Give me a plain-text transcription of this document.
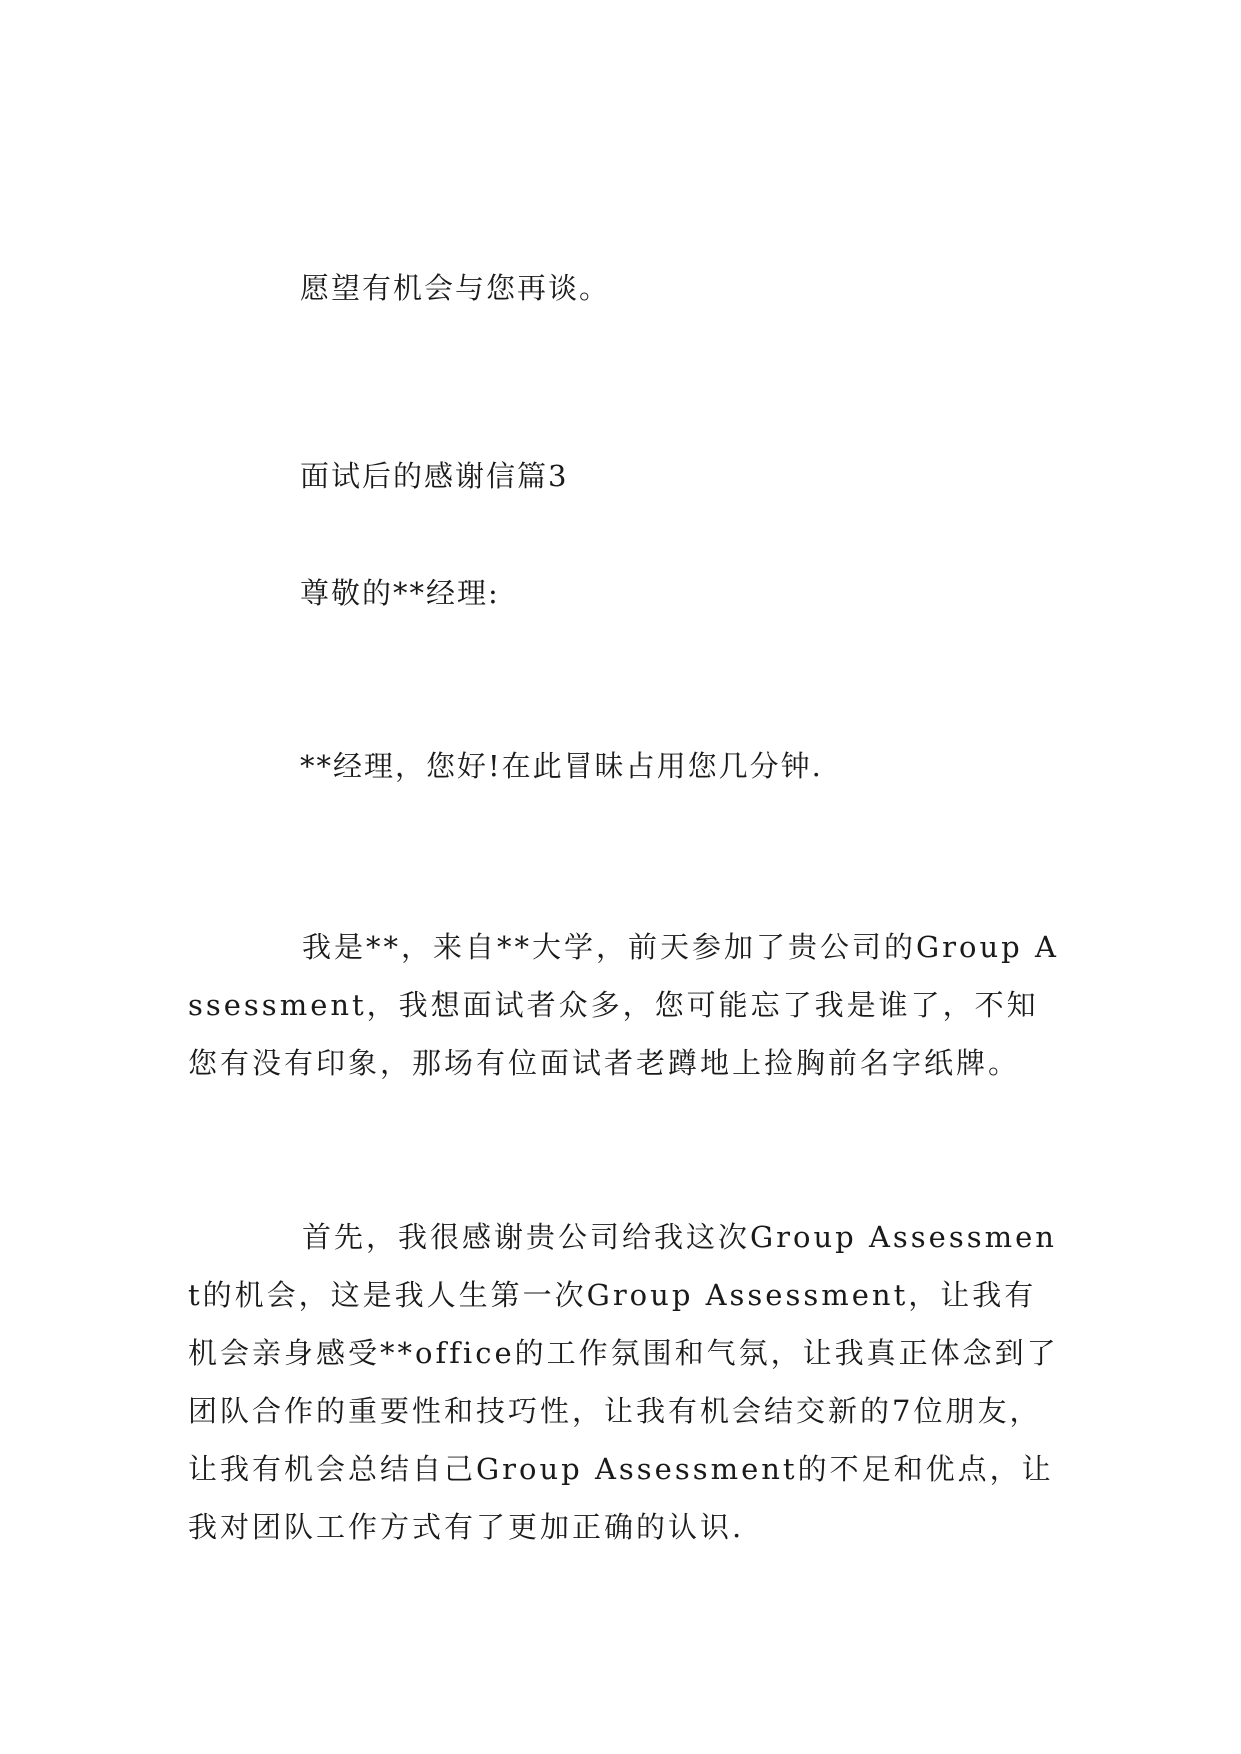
愿望有机会与您再谈。
面试后的感谢信篇3
尊敬的**经理:
**经理，您好!在此冒昧占用您几分钟.
我是**，来自**大学，前天参加了贵公司的Group Assessment，我想面试者众多，您可能忘了我是谁了，不知您有没有印象，那场有位面试者老蹲地上捡胸前名字纸牌。
首先，我很感谢贵公司给我这次Group Assessment的机会，这是我人生第一次Group Assessment，让我有机会亲身感受**office的工作氛围和气氛，让我真正体念到了团队合作的重要性和技巧性，让我有机会结交新的7位朋友，让我有机会总结自己Group Assessment的不足和优点，让我对团队工作方式有了更加正确的认识.
